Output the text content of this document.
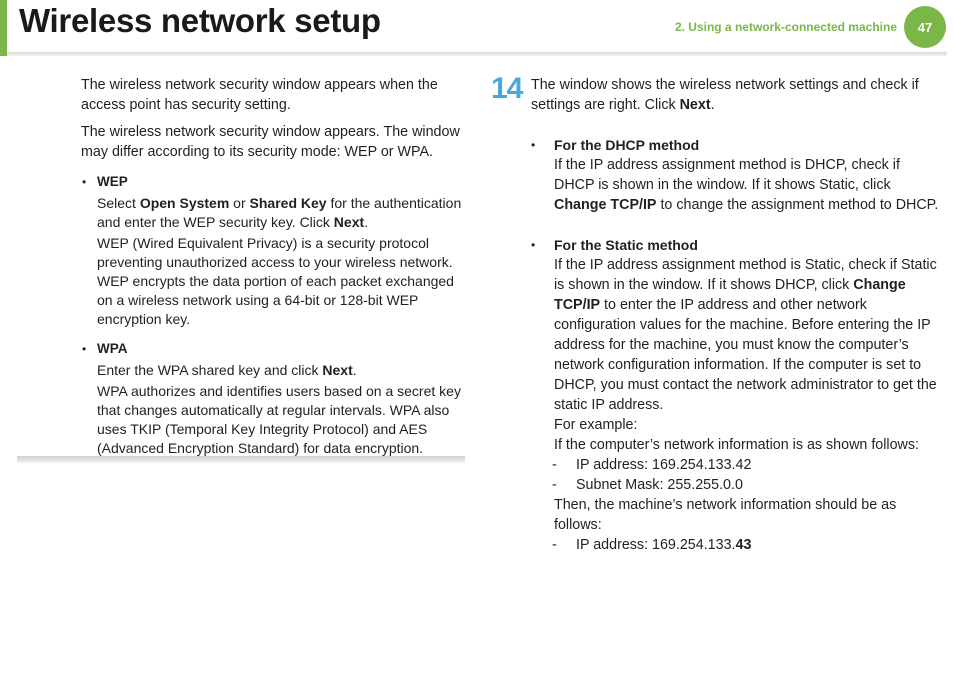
Wireless network setup	2. Using a network-connected machine	47

The wireless network security window appears when the access point has security setting.

The wireless network security window appears. The window may differ according to its security mode: WEP or WPA.

• WEP
Select Open System or Shared Key for the authentication and enter the WEP security key. Click Next.
WEP (Wired Equivalent Privacy) is a security protocol preventing unauthorized access to your wireless network. WEP encrypts the data portion of each packet exchanged on a wireless network using a 64-bit or 128-bit WEP encryption key.
• WPA
Enter the WPA shared key and click Next.
WPA authorizes and identifies users based on a secret key that changes automatically at regular intervals. WPA also uses TKIP (Temporal Key Integrity Protocol) and AES (Advanced Encryption Standard) for data encryption.
14 The window shows the wireless network settings and check if settings are right. Click Next.

• For the DHCP method

If the IP address assignment method is DHCP, check if DHCP is shown in the window. If it shows Static, click Change TCP/IP to change the assignment method to DHCP.

• For the Static method

If the IP address assignment method is Static, check if Static is shown in the window. If it shows DHCP, click Change TCP/IP to enter the IP address and other network configuration values for the machine. Before entering the IP address for the machine, you must know the computer’s network configuration information. If the computer is set to DHCP, you must contact the network administrator to get the static IP address.

For example:

If the computer’s network information is as shown follows:

- IP address: 169.254.133.42

- Subnet Mask: 255.255.0.0

Then, the machine’s network information should be as follows:

- IP address: 169.254.133.43
